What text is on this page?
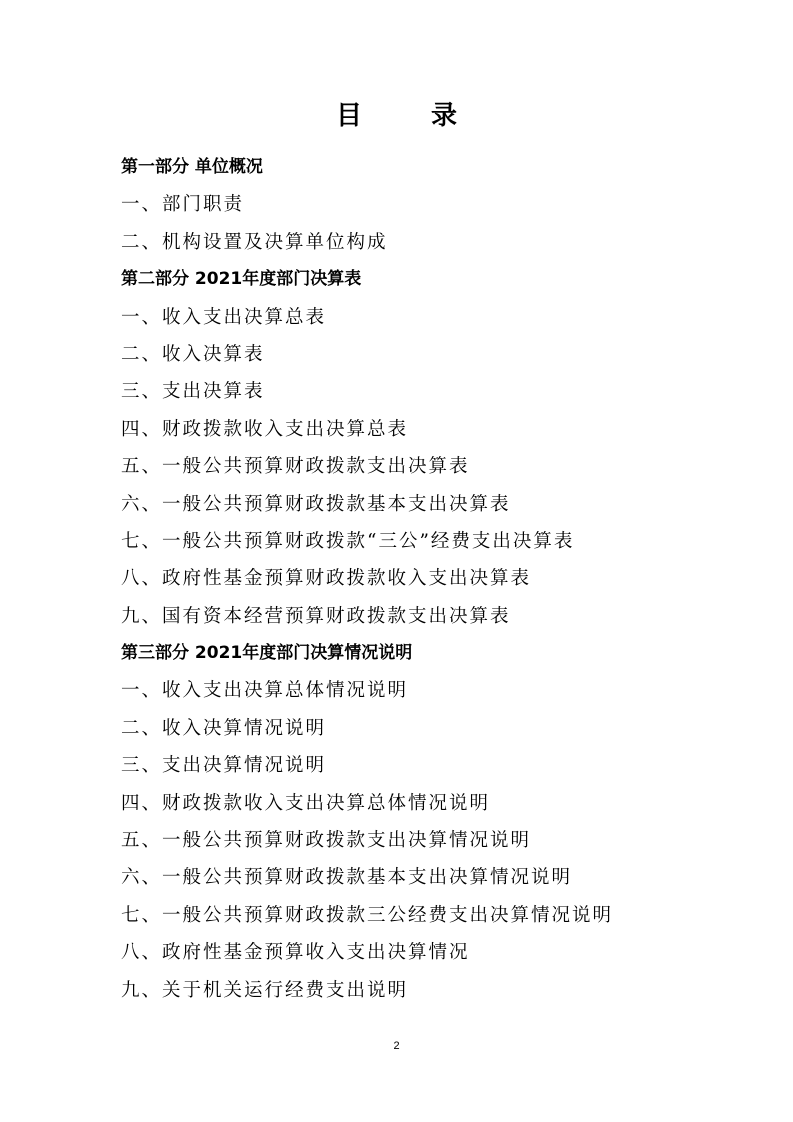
目 录
第一部分 单位概况
一、部门职责
二、机构设置及决算单位构成
第二部分 2021年度部门决算表
一、收入支出决算总表
二、收入决算表
三、支出决算表
四、财政拨款收入支出决算总表
五、一般公共预算财政拨款支出决算表
六、一般公共预算财政拨款基本支出决算表
七、一般公共预算财政拨款“三公”经费支出决算表
八、政府性基金预算财政拨款收入支出决算表
九、国有资本经营预算财政拨款支出决算表
第三部分 2021年度部门决算情况说明
一、收入支出决算总体情况说明
二、收入决算情况说明
三、支出决算情况说明
四、财政拨款收入支出决算总体情况说明
五、一般公共预算财政拨款支出决算情况说明
六、一般公共预算财政拨款基本支出决算情况说明
七、一般公共预算财政拨款三公经费支出决算情况说明
八、政府性基金预算收入支出决算情况
九、关于机关运行经费支出说明
2
